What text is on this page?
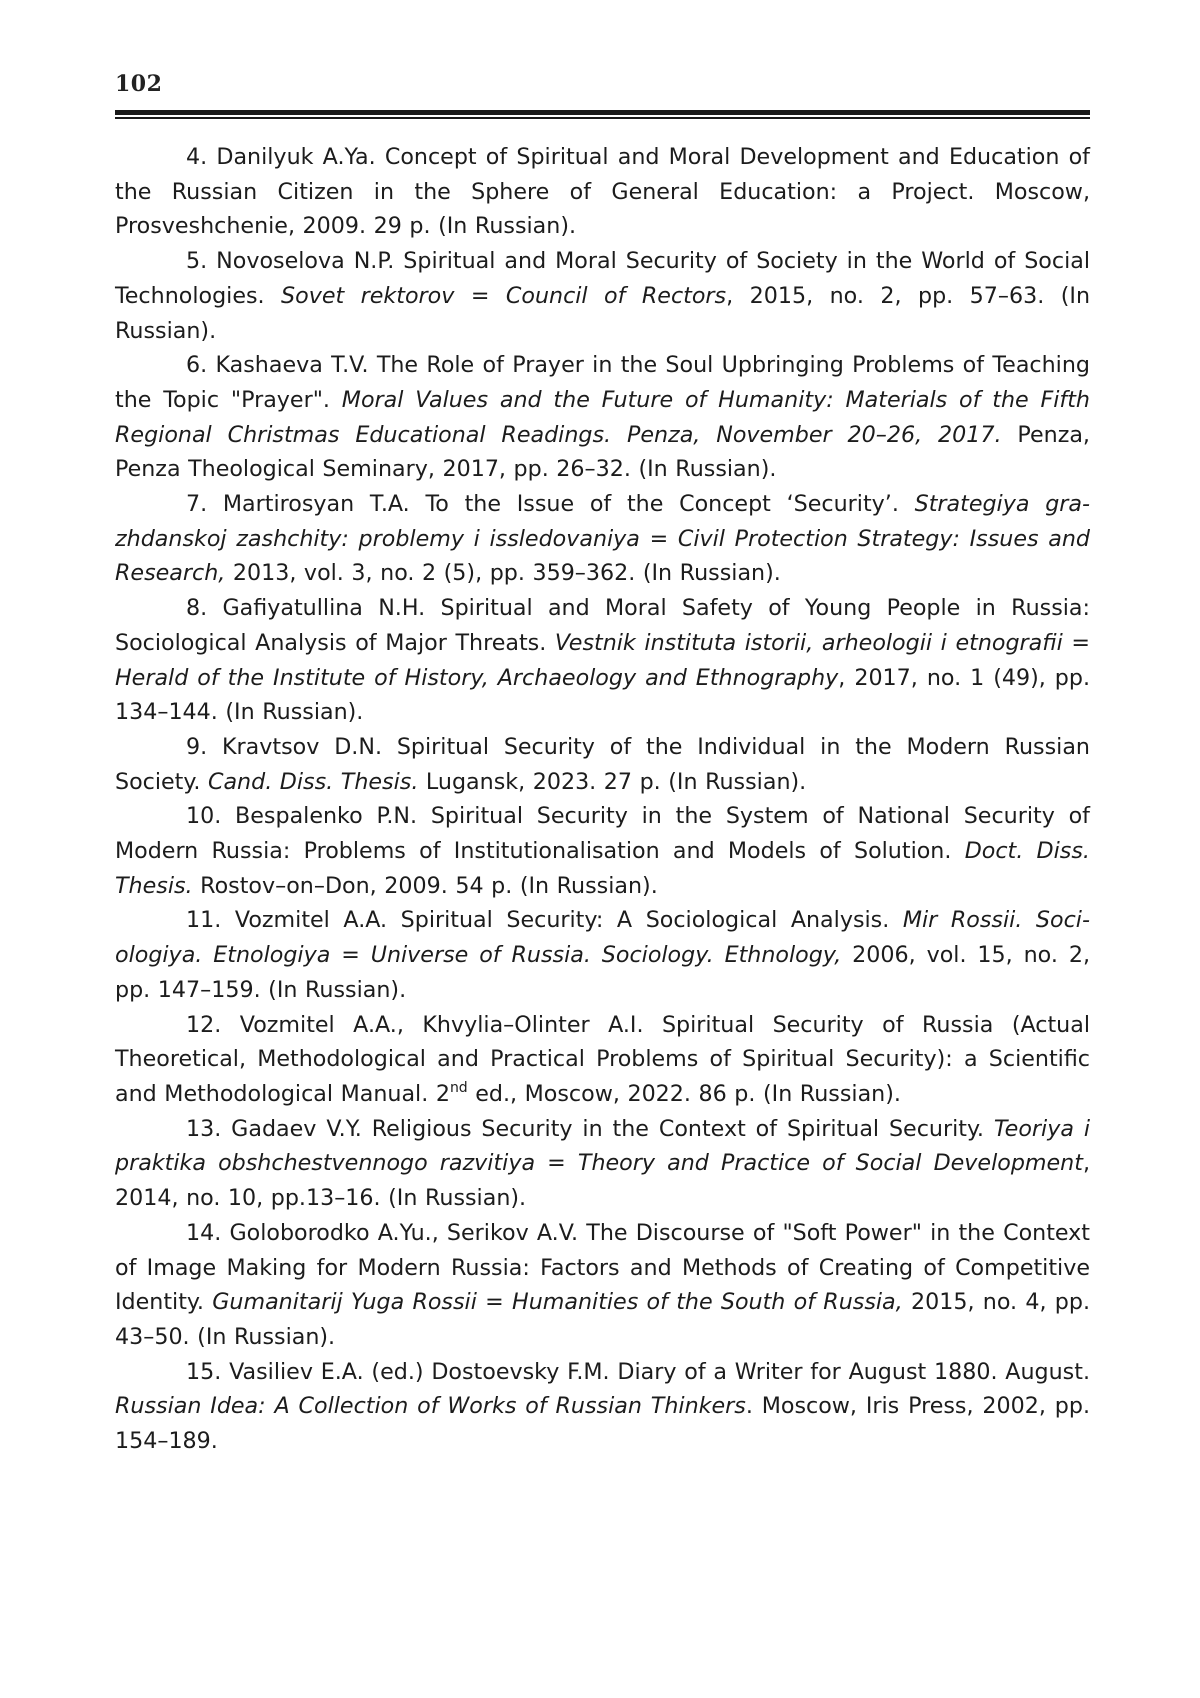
102

4. Danilyuk A.Ya. Concept of Spiritual and Moral Development and Education of the Russian Citizen in the Sphere of General Education: a Project. Moscow, Prosveshchenie, 2009. 29 p. (In Russian).

5. Novoselova N.P. Spiritual and Moral Security of Society in the World of Social Technologies. Sovet rektorov = Council of Rectors, 2015, no. 2, pp. 57–63. (In Russian).

6. Kashaeva T.V. The Role of Prayer in the Soul Upbringing Problems of Teaching the Topic "Prayer". Moral Values and the Future of Humanity: Materials of the Fifth Regional Christmas Educational Readings. Penza, November 20–26, 2017. Penza, Penza Theological Seminary, 2017, pp. 26–32. (In Russian).

7. Martirosyan T.A. To the Issue of the Concept ‘Security’. Strategiya grazhdanskoj zashchity: problemy i issledovaniya = Civil Protection Strategy: Issues and Research, 2013, vol. 3, no. 2 (5), pp. 359–362. (In Russian).

8. Gafiyatullina N.H. Spiritual and Moral Safety of Young People in Russia: Sociological Analysis of Major Threats. Vestnik instituta istorii, arheologii i etnografii = Herald of the Institute of History, Archaeology and Ethnography, 2017, no. 1 (49), pp. 134–144. (In Russian).

9. Kravtsov D.N. Spiritual Security of the Individual in the Modern Russian Society. Cand. Diss. Thesis. Lugansk, 2023. 27 p. (In Russian).

10. Bespalenko P.N. Spiritual Security in the System of National Security of Modern Russia: Problems of Institutionalisation and Models of Solution. Doct. Diss. Thesis. Rostov–on–Don, 2009. 54 p. (In Russian).

11. Vozmitel A.A. Spiritual Security: A Sociological Analysis. Mir Rossii. Sociologiya. Etnologiya = Universe of Russia. Sociology. Ethnology, 2006, vol. 15, no. 2, pp. 147–159. (In Russian).

12. Vozmitel A.A., Khvylia–Olinter A.I. Spiritual Security of Russia (Actual Theoretical, Methodological and Practical Problems of Spiritual Security): a Scientific and Methodological Manual. 2nd ed., Moscow, 2022. 86 p. (In Russian).

13. Gadaev V.Y. Religious Security in the Context of Spiritual Security. Teoriya i praktika obshchestvennogo razvitiya = Theory and Practice of Social Development, 2014, no. 10, pp.13–16. (In Russian).

14. Goloborodko A.Yu., Serikov A.V. The Discourse of "Soft Power" in the Context of Image Making for Modern Russia: Factors and Methods of Creating of Competitive Identity. Gumanitarij Yuga Rossii = Humanities of the South of Russia, 2015, no. 4, pp. 43–50. (In Russian).

15. Vasiliev E.A. (ed.) Dostoevsky F.M. Diary of a Writer for August 1880. August. Russian Idea: A Collection of Works of Russian Thinkers. Moscow, Iris Press, 2002, pp. 154–189.
